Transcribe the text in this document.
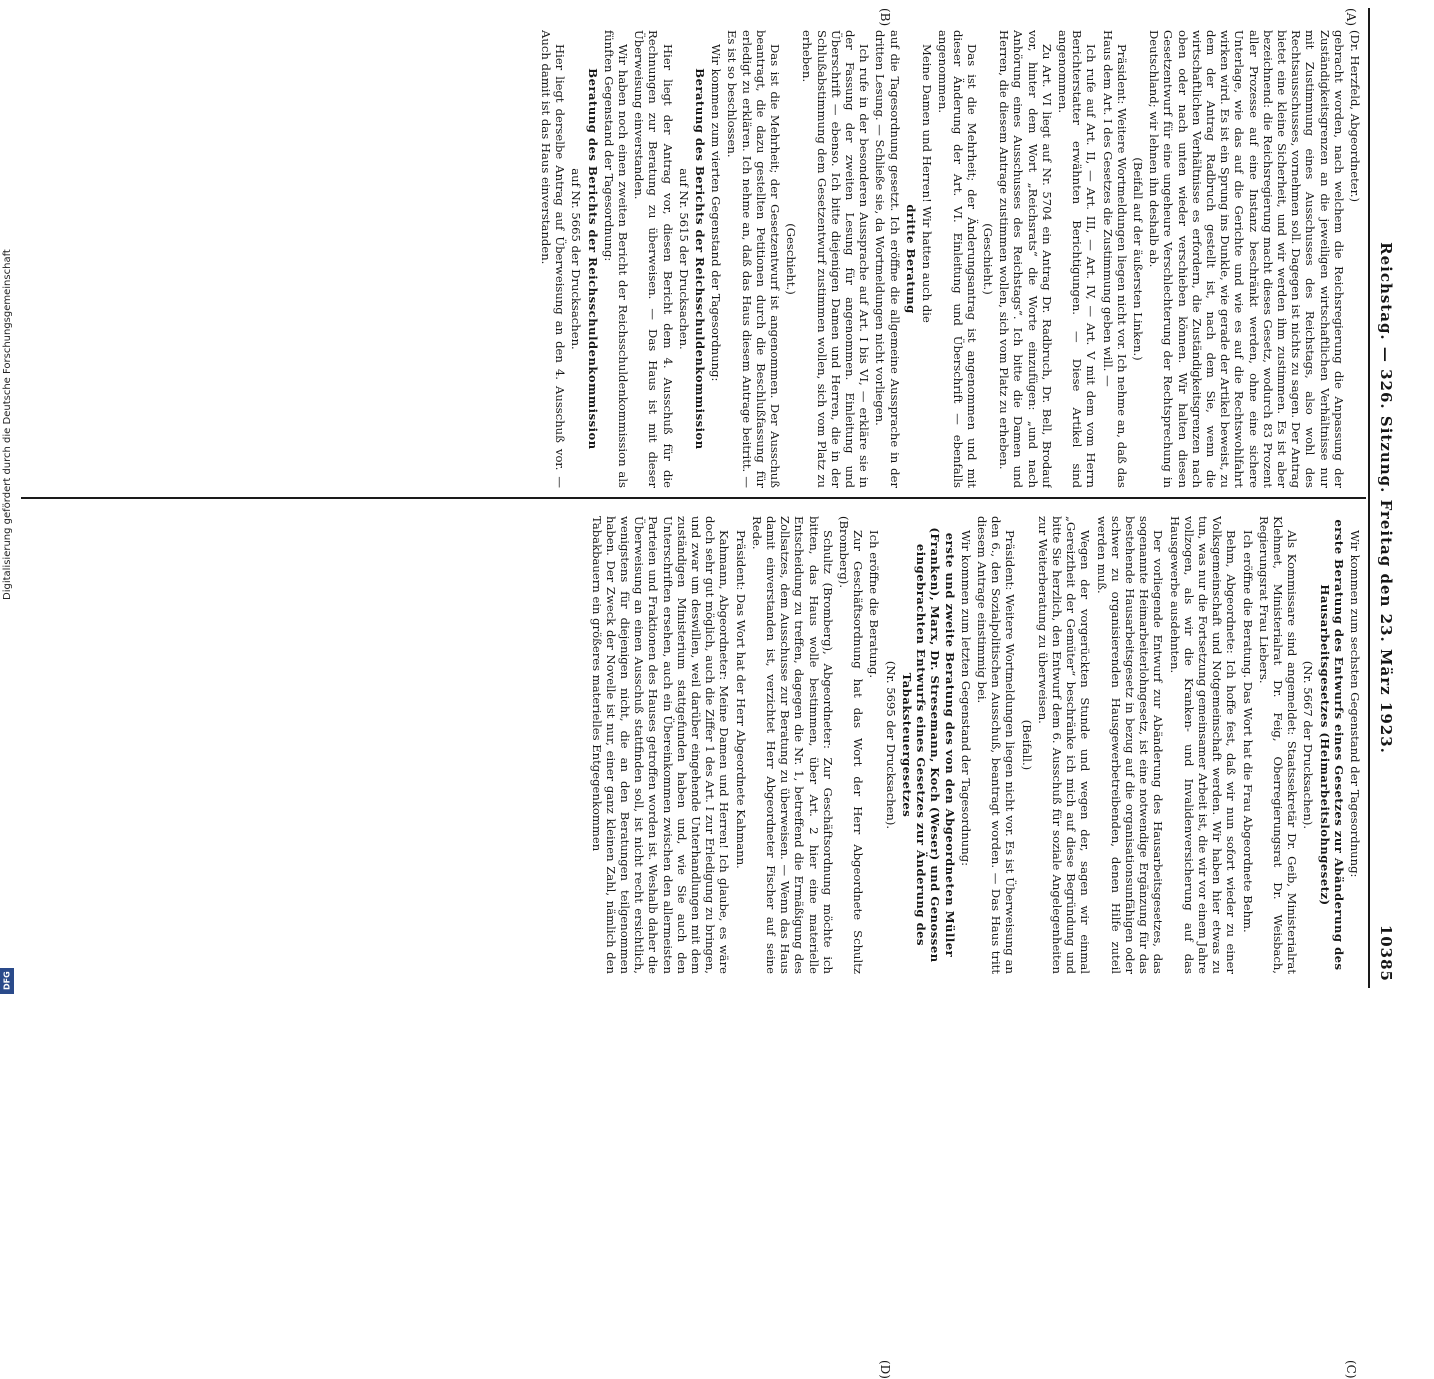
Reichstag. — 326. Sitzung. Freitag den 23. März 1923.
10385
(A)
(B)
(C)
(D)

(Dr. Herzfeld, Abgeordneter.)

gebracht worden, nach welchem die Reichsregierung die Anpassung der Zuständigkeitsgrenzen an die jeweiligen wirtschaftlichen Verhältnisse nur mit Zustimmung eines Ausschusses des Reichstags, also wohl des Rechtsausschusses, vornehmen soll. Dagegen ist nichts zu sagen. Der Antrag bietet eine kleine Sicherheit, und wir werden ihm zustimmen. Es ist aber bezeichnend: die Reichsregierung macht dieses Gesetz, wodurch 83 Prozent aller Prozesse auf eine Instanz beschränkt werden, ohne eine sichere Unterlage, wie das auf die Gerichte und wie es auf die Rechtswohlfahrt wirken wird. Es ist ein Sprung ins Dunkle, wie gerade der Artikel beweist, zu dem der Antrag Radbruch gestellt ist, nach dem Sie, wenn die wirtschaftlichen Verhältnisse es erfordern, die Zuständigkeitsgrenzen nach oben oder nach unten wieder verschieben können. Wir halten diesen Gesetzentwurf für eine ungeheure Verschlechterung der Rechtsprechung in Deutschland; wir lehnen ihn deshalb ab.

(Beifall auf der äußersten Linken.)

Präsident: Weitere Wortmeldungen liegen nicht vor. Ich nehme an, daß das Haus dem Art. I des Gesetzes die Zustimmung geben will. —

Ich rufe auf Art. II, — Art. III, — Art. IV, — Art. V mit dem vom Herrn Berichterstatter erwähnten Berichtigungen. — Diese Artikel sind angenommen.

Zu Art. VI liegt auf Nr. 5704 ein Antrag Dr. Radbruch, Dr. Bell, Brodauf vor, hinter dem Wort „Reichsrats“ die Worte einzufügen: „und nach Anhörung eines Ausschusses des Reichstags“. Ich bitte die Damen und Herren, die diesem Antrage zustimmen wollen, sich vom Platz zu erheben.

(Geschieht.)

Das ist die Mehrheit; der Änderungsantrag ist angenommen und mit dieser Änderung der Art. VI. Einleitung und Überschrift — ebenfalls angenommen.

Meine Damen und Herren! Wir hatten auch die

dritte Beratung

auf die Tagesordnung gesetzt. Ich eröffne die allgemeine Aussprache in der dritten Lesung. — Schließe sie, da Wortmeldungen nicht vorliegen.

Ich rufe in der besonderen Aussprache auf Art. I bis VI, — erkläre sie in der Fassung der zweiten Lesung für angenommen. Einleitung und Überschrift — ebenso. Ich bitte diejenigen Damen und Herren, die in der Schlußabstimmung dem Gesetzentwurf zustimmen wollen, sich vom Platz zu erheben.

(Geschieht.)

Das ist die Mehrheit; der Gesetzentwurf ist angenommen. Der Ausschuß beantragt, die dazu gestellten Petitionen durch die Beschlußfassung für erledigt zu erklären. Ich nehme an, daß das Haus diesem Antrage beitritt. — Es ist so beschlossen.

Wir kommen zum vierten Gegenstand der Tagesordnung:

Beratung des Berichts der Reichsschuldenkommission

auf Nr. 5615 der Drucksachen.

Hier liegt der Antrag vor, diesen Bericht dem 4. Ausschuß für die Rechnungen zur Beratung zu überweisen. — Das Haus ist mit dieser Überweisung einverstanden.

Wir haben noch einen zweiten Bericht der Reichsschuldenkommission als fünften Gegenstand der Tagesordnung:

Beratung des Berichts der Reichsschuldenkommission

auf Nr. 5665 der Drucksachen.

Hier liegt derselbe Antrag auf Überweisung an den 4. Ausschuß vor. — Auch damit ist das Haus einverstanden.

Wir kommen zum sechsten Gegenstand der Tagesordnung:

erste Beratung des Entwurfs eines Gesetzes zur Abänderung des Hausarbeitsgesetzes (Heimarbeitslohngesetz)

(Nr. 5667 der Drucksachen).

Als Kommissare sind angemeldet: Staatssekretär Dr. Geib, Ministerialrat Klehmet, Ministerialrat Dr. Feig, Oberregierungsrat Dr. Weisbach, Regierungsrat Frau Liebers.

Ich eröffne die Beratung. Das Wort hat die Frau Abgeordnete Behm.

Behm, Abgeordnete: Ich hoffe fest, daß wir nun sofort wieder zu einer Volksgemeinschaft und Notgemeinschaft werden. Wir haben hier etwas zu tun, was nur die Fortsetzung gemeinsamer Arbeit ist, die wir vor einem Jahre vollzogen, als wir die Kranken- und Invalidenversicherung auf das Hausgewerbe ausdehnten.

Der vorliegende Entwurf zur Abänderung des Hausarbeitsgesetzes, das sogenannte Heimarbeiterlohngesetz, ist eine notwendige Ergänzung für das bestehende Hausarbeitsgesetz in bezug auf die organisationsunfähigen oder schwer zu organisierenden Hausgewerbetreibenden, denen Hilfe zuteil werden muß.

Wegen der vorgerückten Stunde und wegen der, sagen wir einmal „Gereiztheit der Gemüter“ beschränke ich mich auf diese Begründung und bitte Sie herzlich, den Entwurf dem 6. Ausschuß für soziale Angelegenheiten zur Weiterberatung zu überweisen.

(Beifall.)

Präsident: Weitere Wortmeldungen liegen nicht vor. Es ist Überweisung an den 6., den Sozialpolitischen Ausschuß, beantragt worden. — Das Haus tritt diesem Antrage einstimmig bei.

Wir kommen zum letzten Gegenstand der Tagesordnung:

erste und zweite Beratung des von den Abgeordneten Müller (Franken), Marx, Dr. Stresemann, Koch (Weser) und Genossen eingebrachten Entwurfs eines Gesetzes zur Änderung des Tabaksteuergesetzes

(Nr. 5695 der Drucksachen).

Ich eröffne die Beratung.

Zur Geschäftsordnung hat das Wort der Herr Abgeordnete Schultz (Bromberg).

Schultz (Bromberg), Abgeordneter: Zur Geschäftsordnung möchte ich bitten, das Haus wolle bestimmen, über Art. 2 hier eine materielle Entscheidung zu treffen, dagegen die Nr. 1, betreffend die Ermäßigung des Zollsatzes, dem Ausschusse zur Beratung zu überweisen. — Wenn das Haus damit einverstanden ist, verzichtet Herr Abgeordneter Fischer auf seine Rede.

Präsident: Das Wort hat der Herr Abgeordnete Kahmann.

Kahmann, Abgeordneter: Meine Damen und Herren! Ich glaube, es wäre doch sehr gut möglich, auch die Ziffer 1 des Art. I zur Erledigung zu bringen, und zwar um deswillen, weil darüber eingehende Unterhandlungen mit dem zuständigen Ministerium stattgefunden haben und, wie Sie auch den Unterschriften ersehen, auch ein Übereinkommen zwischen den allermeisten Parteien und Fraktionen des Hauses getroffen worden ist. Weshalb daher die Überweisung an einen Ausschuß stattfinden soll, ist nicht recht ersichtlich, wenigstens für diejenigen nicht, die an den Beratungen teilgenommen haben. Der Zweck der Novelle ist nur, einer ganz kleinen Zahl, nämlich den Tabakbauern ein größeres materielles Entgegenkommen

Digitalisierung gefördert durch die Deutsche Forschungsgemeinschaft
DFG
